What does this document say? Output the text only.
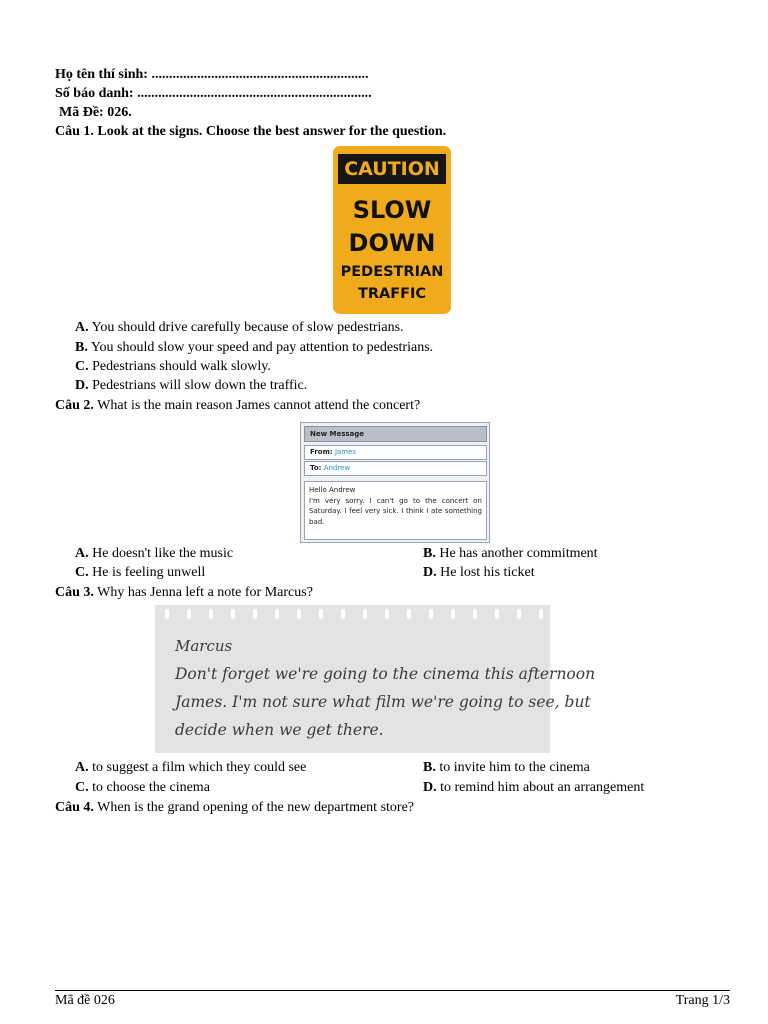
Họ tên thí sinh: ..............................................................
Số báo danh: ...................................................................
Mã Đề: 026.
Câu 1. Look at the signs. Choose the best answer for the question.
CAUTION
SLOW
DOWN
PEDESTRIAN
TRAFFIC
A. You should drive carefully because of slow pedestrians.
B. You should slow your speed and pay attention to pedestrians.
C. Pedestrians should walk slowly.
D. Pedestrians will slow down the traffic.
Câu 2. What is the main reason James cannot attend the concert?
New Message
From: James
To: Andrew
Hello Andrew
I'm very sorry. I can't go to the concert on Saturday. I feel very sick. I think I ate something bad.
A. He doesn't like the music	B. He has another commitment
C. He is feeling unwell	D. He lost his ticket
Câu 3. Why has Jenna left a note for Marcus?
Marcus
Don't forget we're going to the cinema this afternoon
James. I'm not sure what film we're going to see, but
decide when we get there.
A. to suggest a film which they could see	B. to invite him to the cinema
C. to choose the cinema	D. to remind him about an arrangement
Câu 4. When is the grand opening of the new department store?
Mã đề 026	Trang 1/3
